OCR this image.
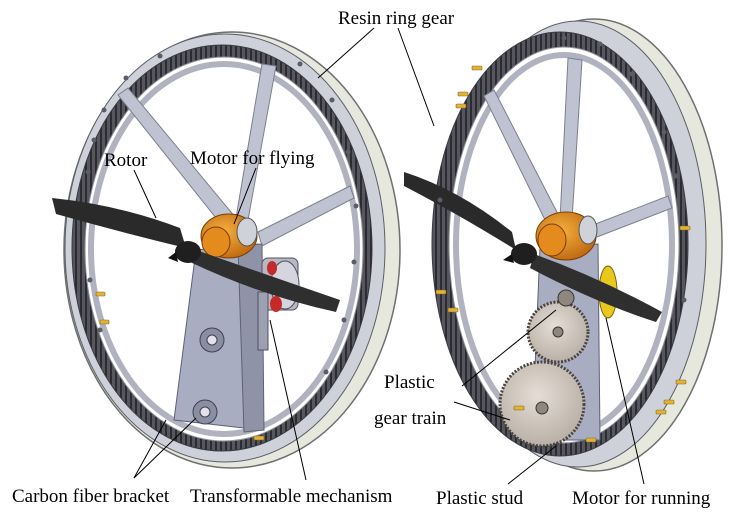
Resin ring gear
Rotor Motor for flying
Plastic
gear train
Carbon fiber bracket Transformable mechanism Plastic stud	Motor for running
